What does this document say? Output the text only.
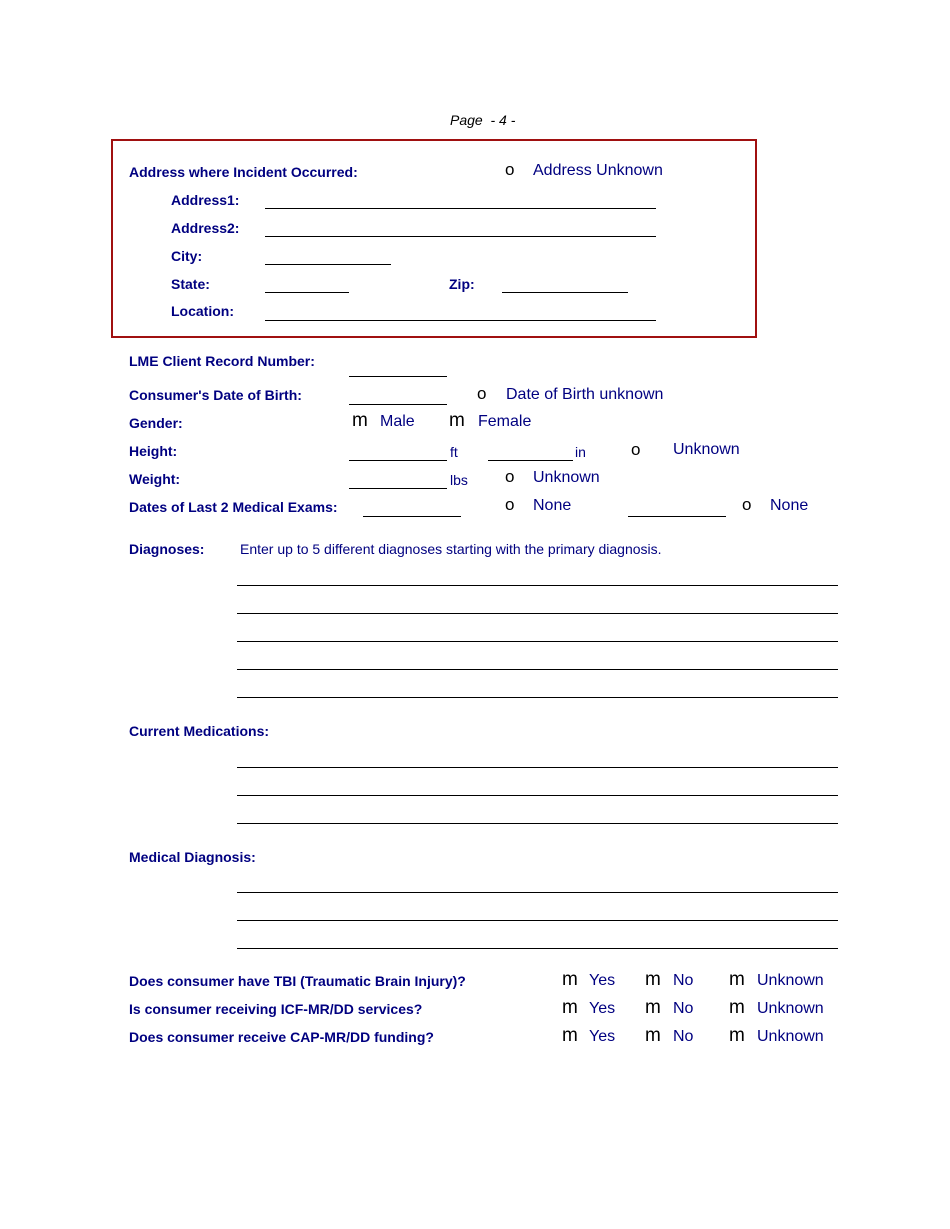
Page - 4 -
Address where Incident Occurred:	o Address Unknown
Address1:
Address2:
City:
State:	Zip:
Location:
LME Client Record Number:
Consumer's Date of Birth:	o Date of Birth unknown
Gender:	m Male m Female
Height:	ft	in	o Unknown
Weight:	lbs o Unknown
Dates of Last 2 Medical Exams:	o None	o None
Diagnoses:	Enter up to 5 different diagnoses starting with the primary diagnosis.
Current Medications:
Medical Diagnosis:
Does consumer have TBI (Traumatic Brain Injury)?	m Yes m No m Unknown
Is consumer receiving ICF-MR/DD services?	m Yes m No m Unknown
Does consumer receive CAP-MR/DD funding?	m Yes m No m Unknown
